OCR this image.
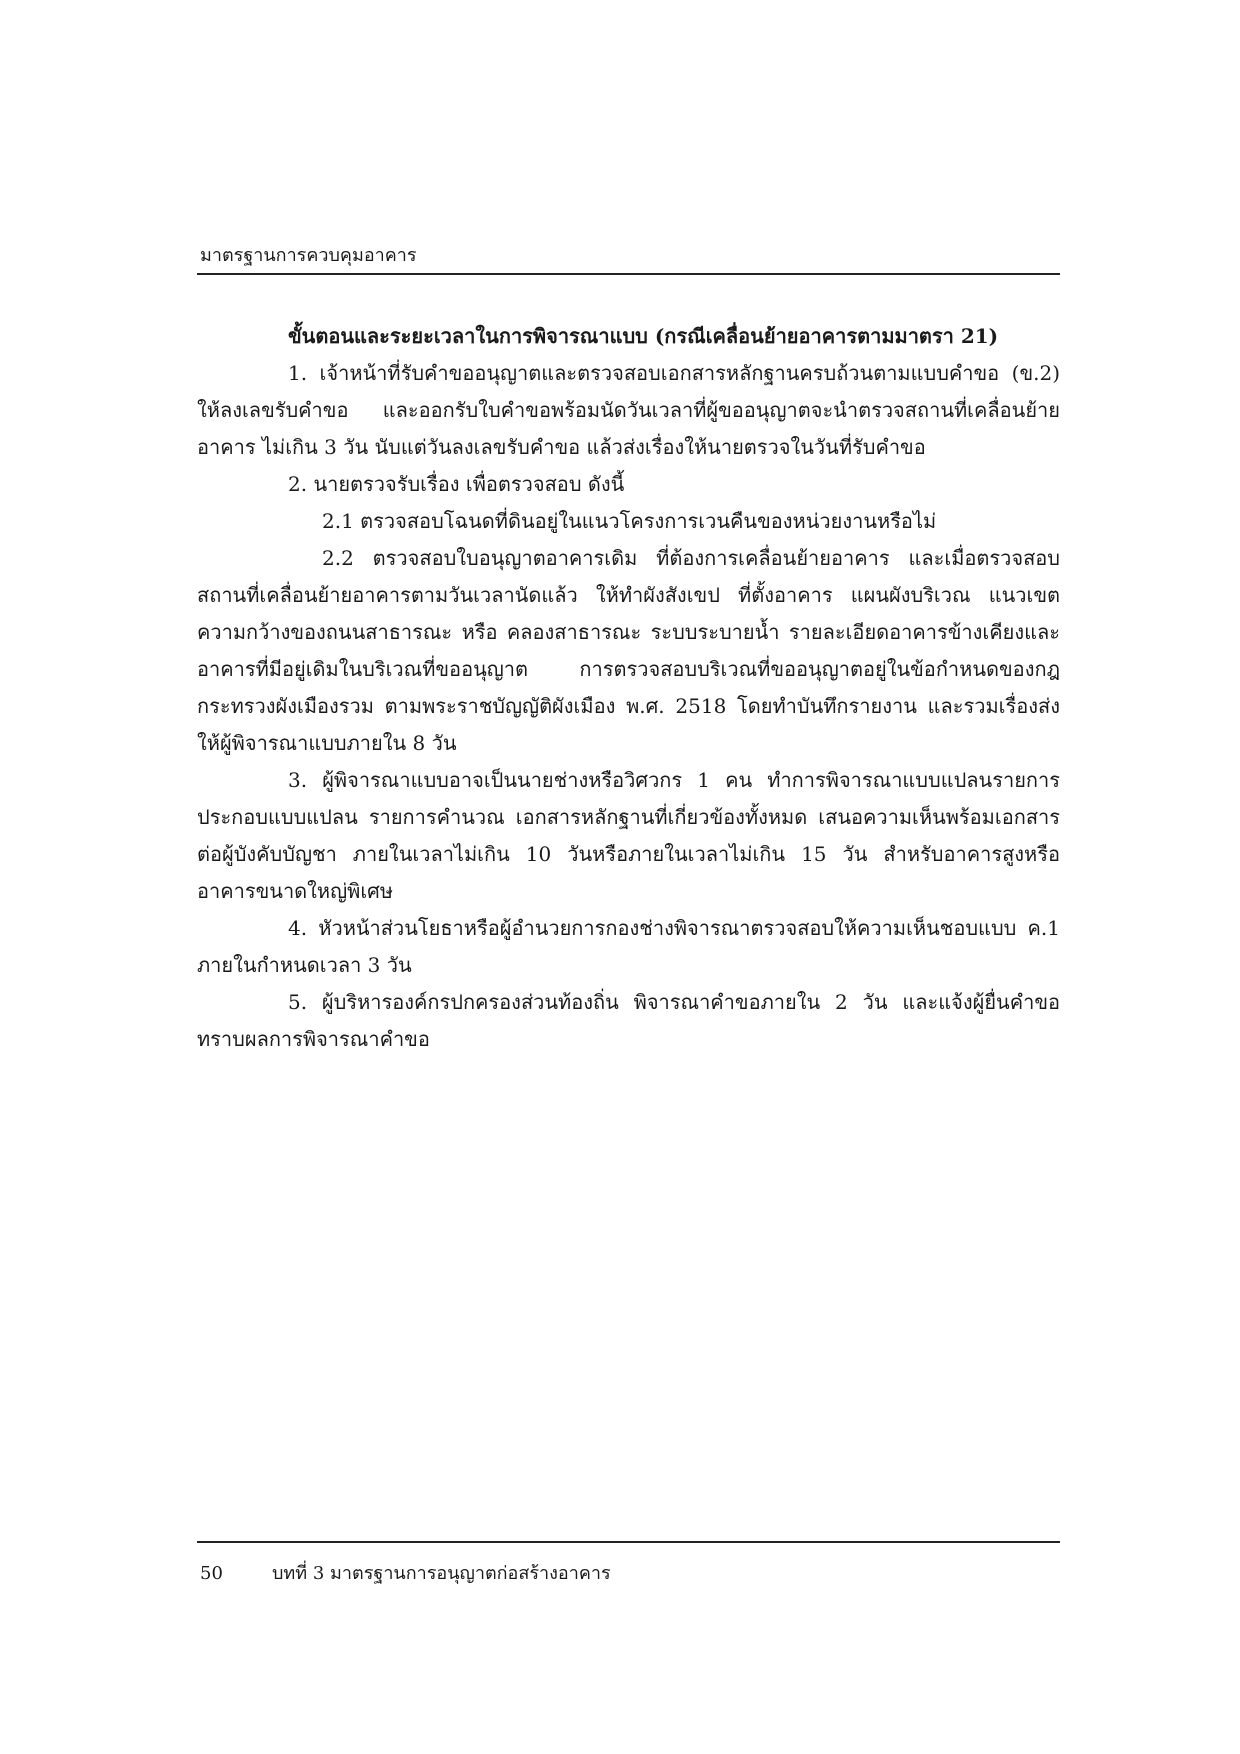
มาตรฐานการควบคุมอาคาร
ขั้นตอนและระยะเวลาในการพิจารณาแบบ (กรณีเคลื่อนย้ายอาคารตามมาตรา 21)

1. เจ้าหน้าที่รับคำขออนุญาตและตรวจสอบเอกสารหลักฐานครบถ้วนตามแบบคำขอ (ข.2) ให้ลงเลขรับคำขอ และออกรับใบคำขอพร้อมนัดวันเวลาที่ผู้ขออนุญาตจะนำตรวจสถานที่เคลื่อนย้ายอาคาร ไม่เกิน 3 วัน นับแต่วันลงเลขรับคำขอ แล้วส่งเรื่องให้นายตรวจในวันที่รับคำขอ

2. นายตรวจรับเรื่อง เพื่อตรวจสอบ ดังนี้

2.1 ตรวจสอบโฉนดที่ดินอยู่ในแนวโครงการเวนคืนของหน่วยงานหรือไม่

2.2 ตรวจสอบใบอนุญาตอาคารเดิม ที่ต้องการเคลื่อนย้ายอาคาร และเมื่อตรวจสอบสถานที่เคลื่อนย้ายอาคารตามวันเวลานัดแล้ว ให้ทำผังสังเขป ที่ตั้งอาคาร แผนผังบริเวณ แนวเขตความกว้างของถนนสาธารณะ หรือ คลองสาธารณะ ระบบระบายน้ำ รายละเอียดอาคารข้างเคียงและอาคารที่มีอยู่เดิมในบริเวณที่ขออนุญาต การตรวจสอบบริเวณที่ขออนุญาตอยู่ในข้อกำหนดของกฎกระทรวงผังเมืองรวม ตามพระราชบัญญัติผังเมือง พ.ศ. 2518 โดยทำบันทึกรายงาน และรวมเรื่องส่งให้ผู้พิจารณาแบบภายใน 8 วัน

3. ผู้พิจารณาแบบอาจเป็นนายช่างหรือวิศวกร 1 คน ทำการพิจารณาแบบแปลนรายการประกอบแบบแปลน รายการคำนวณ เอกสารหลักฐานที่เกี่ยวข้องทั้งหมด เสนอความเห็นพร้อมเอกสารต่อผู้บังคับบัญชา ภายในเวลาไม่เกิน 10 วันหรือภายในเวลาไม่เกิน 15 วัน สำหรับอาคารสูงหรืออาคารขนาดใหญ่พิเศษ

4. หัวหน้าส่วนโยธาหรือผู้อำนวยการกองช่างพิจารณาตรวจสอบให้ความเห็นชอบแบบ ค.1 ภายในกำหนดเวลา 3 วัน

5. ผู้บริหารองค์กรปกครองส่วนท้องถิ่น พิจารณาคำขอภายใน 2 วัน และแจ้งผู้ยื่นคำขอทราบผลการพิจารณาคำขอ

50	บทที่ 3 มาตรฐานการอนุญาตก่อสร้างอาคาร
